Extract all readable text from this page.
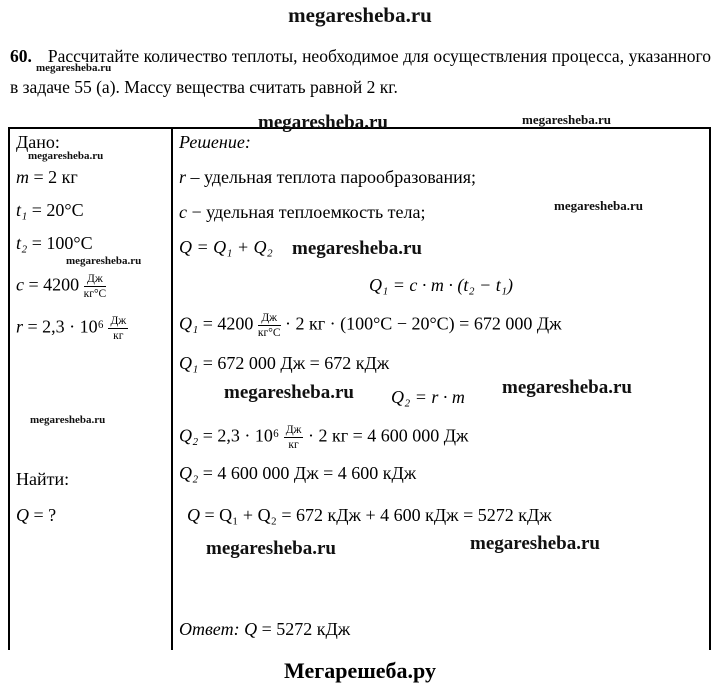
megaresheba.ru
60. Рассчитайте количество теплоты, необходимое для осуществления процесса, указанного в задаче 55 (а). Массу вещества считать равной 2 кг.
megaresheba.ru
Дано:
m = 2 кг
t₁ = 20°C
t₂ = 100°C
$c = 4200 \frac{Дж}{кг^\circ C}$
$r = 2,3 \cdot 10^6 \frac{Дж}{кг}$
Найти:
Q = ?
Решение:
r – удельная теплота парообразования;
c − удельная теплоемкость тела;
Q = Q₁ + Q₂
Q₁ = c · m · (t₂ − t₁)
$Q_1 = 4200 \frac{Дж}{кг^\circ C} \cdot 2$ кг · (100°C − 20°C) = 672 000 Дж
Q₁ = 672 000 Дж = 672 кДж
Q₂ = r · m
$Q_2 = 2,3 \cdot 10^6 \frac{Дж}{кг} \cdot 2$ кг = 4 600 000 Дж
Q₂ = 4 600 000 Дж = 4 600 кДж
Q = Q₁ + Q₂ = 672 кДж + 4 600 кДж = 5272 кДж
Ответ: Q = 5272 кДж
megaresheba.ru
megaresheba.ru
megaresheba.ru
megaresheba.ru	megaresheba.ru
megaresheba.ru
megaresheba.ru
megaresheba.ru	megaresheba.ru
megaresheba.ru	megaresheba.ru
Мегарешеба.ру
